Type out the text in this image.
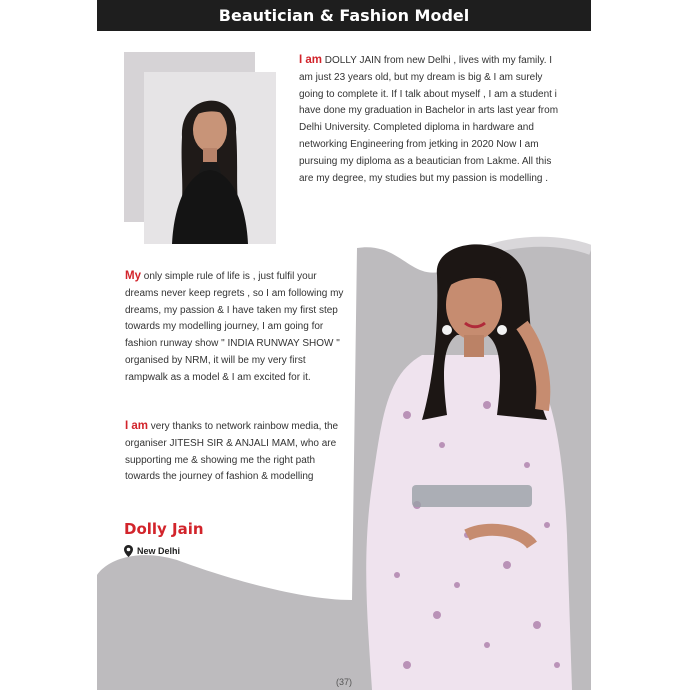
Beautician & Fashion Model

I am DOLLY JAIN from new Delhi , lives with my family. I am just 23 years old, but my dream is big & I am surely going to complete it. If I talk about myself , I am a student i have done my graduation in Bachelor in arts last year from Delhi University. Completed diploma in hardware and networking Engineering from jetking in 2020 Now I am pursuing my diploma as a beautician from Lakme. All this are my degree, my studies but my passion is modelling .

My only simple rule of life is , just fulfil your dreams never keep regrets , so I am following my dreams, my passion & I have taken my first step towards my modelling journey, I am going for fashion runway show " INDIA RUNWAY SHOW " organised by NRM, it will be my very first rampwalk as a model & I am excited for it.

I am very thanks to network rainbow media, the organiser JITESH SIR & ANJALI MAM, who are supporting me & showing me the right path towards the journey of fashion & modelling

Dolly Jain
New Delhi
(37)
